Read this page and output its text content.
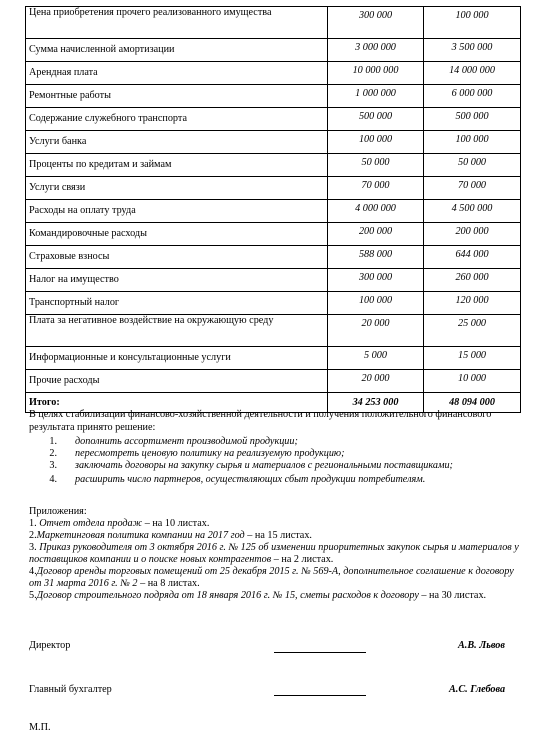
Цена приобретения прочего реализованного имущества	300 000	100 000
Сумма начисленной амортизации	3 000 000	3 500 000
Арендная плата	10 000 000	14 000 000
Ремонтные работы	1 000 000	6 000 000
Содержание служебного транспорта	500 000	500 000
Услуги банка	100 000	100 000
Проценты по кредитам и займам	50 000	50 000
Услуги связи	70 000	70 000
Расходы на оплату труда	4 000 000	4 500 000
Командировочные расходы	200 000	200 000
Страховые взносы	588 000	644 000
Налог на имущество	300 000	260 000
Транспортный налог	100 000	120 000
Плата за негативное воздействие на окружающую среду	20 000	25 000
Информационные и консультационные услуги	5 000	15 000
Прочие расходы	20 000	10 000
Итого:	34 253 000	48 094 000
В целях стабилизации финансово-хозяйственной деятельности и получения положительного финансового результата принято решение:
1.	дополнить ассортимент производимой продукции;
2.	пересмотреть ценовую политику на реализуемую продукцию;
3.	заключать договоры на закупку сырья и материалов с региональными поставщиками;
4.	расширить число партнеров, осуществляющих сбыт продукции потребителям.

Приложения:

1. Отчет отдела продаж – на 10 листах.

2.Маркетинговая политика компании на 2017 год – на 15 листах.

3. Приказ руководителя от 3 октября 2016 г. № 125 об изменении приоритетных закупок сырья и материалов у поставщиков компании и о поиске новых контрагентов – на 2 листах.

4.Договор аренды торговых помещений от 25 декабря 2015 г. № 569-А, дополнительное соглашение к договору от 31 марта 2016 г. № 2 – на 8 листах.

5.Договор строительного подряда от 18 января 2016 г. № 15, сметы расходов к договору – на 30 листах.

Директор	А.В. Львов
Главный бухгалтер	А.С. Глебова
М.П.
